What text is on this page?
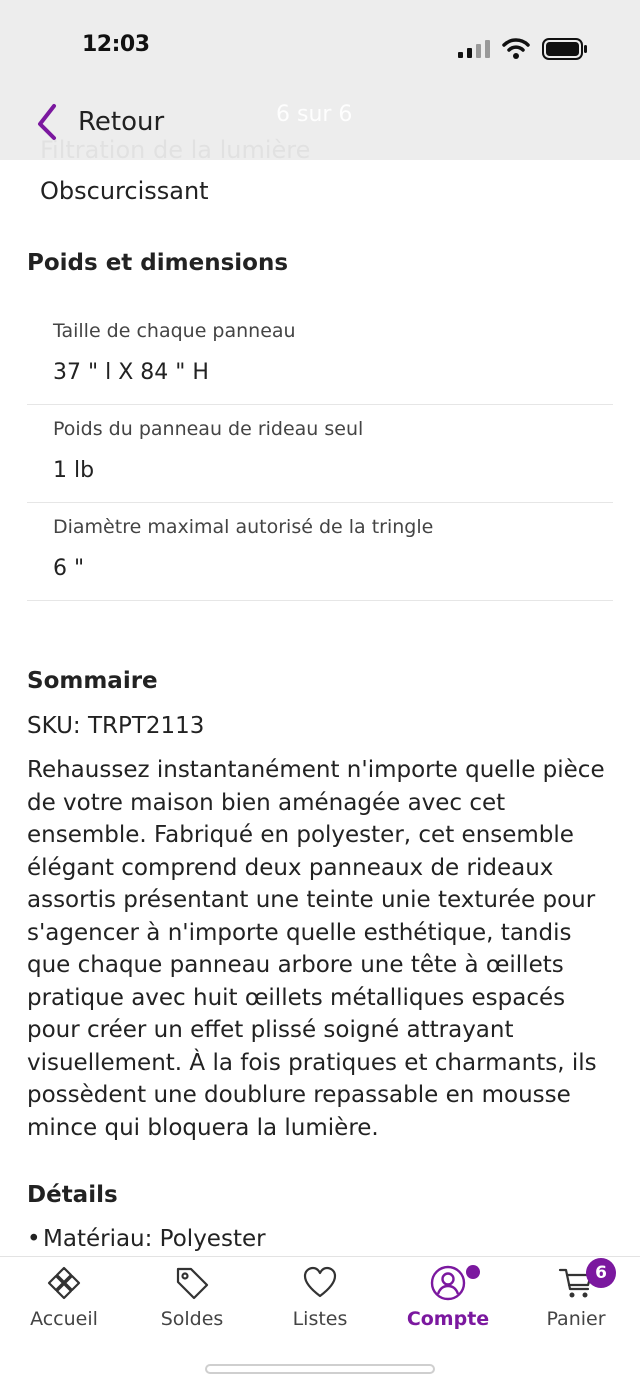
Obscurcissant
Poids et dimensions
Taille de chaque panneau
37 " l X 84 " H
Poids du panneau de rideau seul
1 lb
Diamètre maximal autorisé de la tringle
6 "
Sommaire
SKU: TRPT2113
Rehaussez instantanément n'importe quelle pièce de votre maison bien aménagée avec cet ensemble. Fabriqué en polyester, cet ensemble élégant comprend deux panneaux de rideaux assortis présentant une teinte unie texturée pour s'agencer à n'importe quelle esthétique, tandis que chaque panneau arbore une tête à œillets pratique avec huit œillets métalliques espacés pour créer un effet plissé soigné attrayant visuellement. À la fois pratiques et charmants, ils possèdent une doublure repassable en mousse mince qui bloquera la lumière.
Détails
• Matériau: Polyester
12:03
Retour	6 sur 6
Accueil	Soldes	Listes	Compte
6
Panier
